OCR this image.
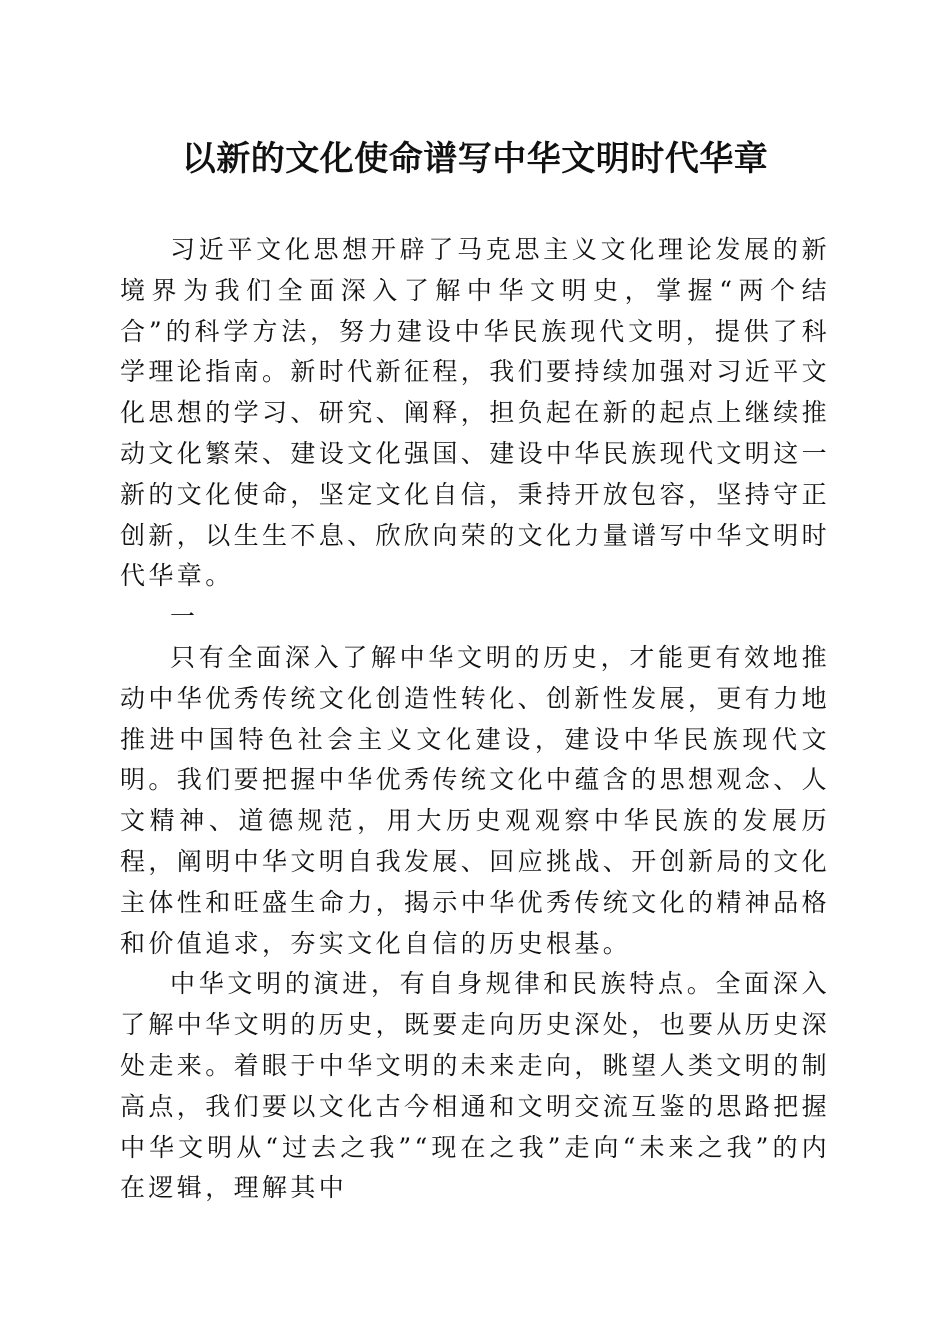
以新的文化使命谱写中华文明时代华章

习近平文化思想开辟了马克思主义文化理论发展的新境界为我们全面深入了解中华文明史，掌握“两个结合”的科学方法，努力建设中华民族现代文明，提供了科学理论指南。新时代新征程，我们要持续加强对习近平文化思想的学习、研究、阐释，担负起在新的起点上继续推动文化繁荣、建设文化强国、建设中华民族现代文明这一新的文化使命，坚定文化自信，秉持开放包容，坚持守正创新，以生生不息、欣欣向荣的文化力量谱写中华文明时代华章。

一

只有全面深入了解中华文明的历史，才能更有效地推动中华优秀传统文化创造性转化、创新性发展，更有力地推进中国特色社会主义文化建设，建设中华民族现代文明。我们要把握中华优秀传统文化中蕴含的思想观念、人文精神、道德规范，用大历史观观察中华民族的发展历程，阐明中华文明自我发展、回应挑战、开创新局的文化主体性和旺盛生命力，揭示中华优秀传统文化的精神品格和价值追求，夯实文化自信的历史根基。

中华文明的演进，有自身规律和民族特点。全面深入了解中华文明的历史，既要走向历史深处，也要从历史深处走来。着眼于中华文明的未来走向，眺望人类文明的制高点，我们要以文化古今相通和文明交流互鉴的思路把握中华文明从“过去之我”“现在之我”走向“未来之我”的内在逻辑，理解其中
